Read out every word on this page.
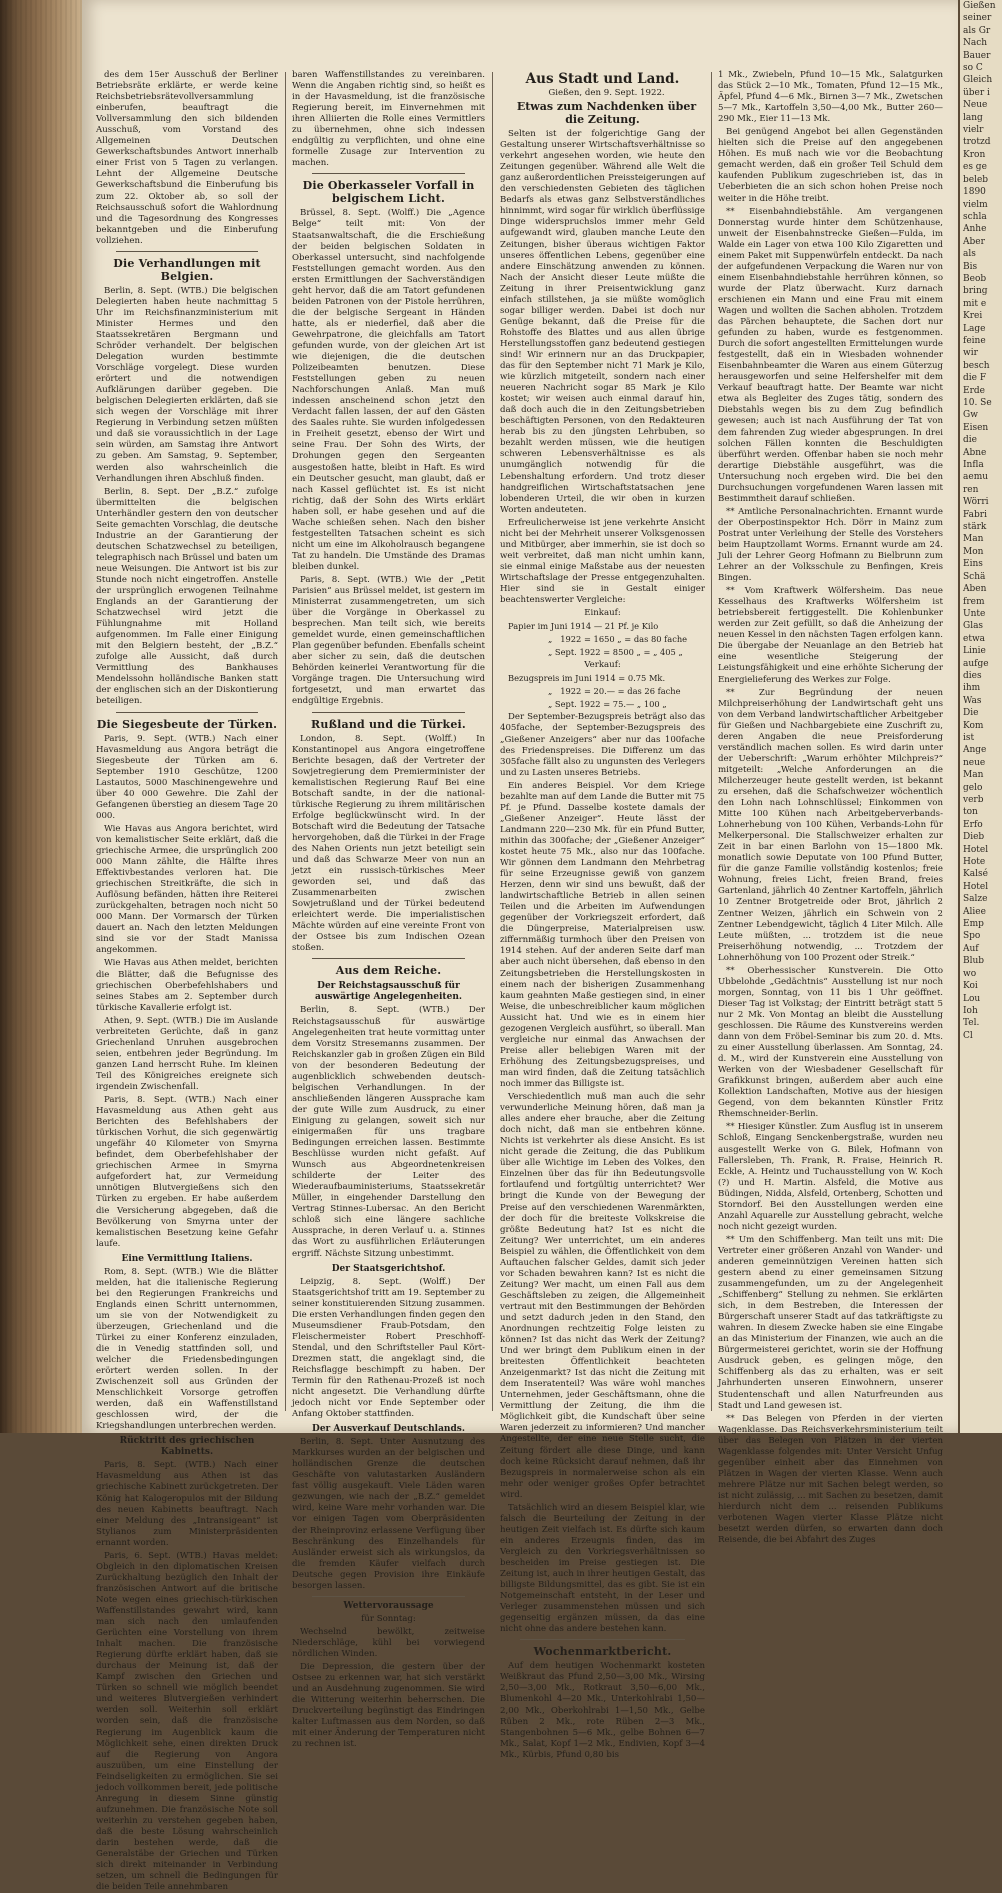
des dem 15er Ausschuß der Berliner Betriebsräte erklärte, er werde keine Reichsbetriebsrätevollversammlung einberufen, beauftragt die Vollversammlung den sich bildenden Ausschuß, vom Vorstand des Allgemeinen Deutschen Gewerkschaftsbundes Antwort innerhalb einer Frist von 5 Tagen zu verlangen. Lehnt der Allgemeine Deutsche Gewerkschaftsbund die Einberufung bis zum 22. Oktober ab, so soll der Reichsausschuß sofort die Wahlordnung und die Tagesordnung des Kongresses bekanntgeben und die Einberufung vollziehen.

Die Verhandlungen mit Belgien.

Berlin, 8. Sept. (WTB.) Die belgischen Delegierten haben heute nachmittag 5 Uhr im Reichsfinanzministerium mit Minister Hermes und den Staatssekretären Bergmann und Schröder verhandelt. Der belgischen Delegation wurden bestimmte Vorschläge vorgelegt. Diese wurden erörtert und die notwendigen Aufklärungen darüber gegeben. Die belgischen Delegierten erklärten, daß sie sich wegen der Vorschläge mit ihrer Regierung in Verbindung setzen müßten und daß sie voraussichtlich in der Lage sein würden, am Samstag ihre Antwort zu geben. Am Samstag, 9. September, werden also wahrscheinlich die Verhandlungen ihren Abschluß finden.

Berlin, 8. Sept. Der „B.Z.“ zufolge übermittelten die belgischen Unterhändler gestern den von deutscher Seite gemachten Vorschlag, die deutsche Industrie an der Garantierung der deutschen Schatzwechsel zu beteiligen, telegraphisch nach Brüssel und baten um neue Weisungen. Die Antwort ist bis zur Stunde noch nicht eingetroffen. Anstelle der ursprünglich erwogenen Teilnahme Englands an der Garantierung der Schatzwechsel wird jetzt die Fühlungnahme mit Holland aufgenommen. Im Falle einer Einigung mit den Belgiern besteht, der „B.Z.“ zufolge alle Aussicht, daß durch Vermittlung des Bankhauses Mendelssohn holländische Banken statt der englischen sich an der Diskontierung beteiligen.

Die Siegesbeute der Türken.

Paris, 9. Sept. (WTB.) Nach einer Havasmeldung aus Angora beträgt die Siegesbeute der Türken am 6. September 1910 Geschütze, 1200 Lastautos, 5000 Maschinengewehre und über 40 000 Gewehre. Die Zahl der Gefangenen überstieg an diesem Tage 20 000.

Wie Havas aus Angora berichtet, wird von kemalistischer Seite erklärt, daß die griechische Armee, die ursprünglich 200 000 Mann zählte, die Hälfte ihres Effektivbestandes verloren hat. Die griechischen Streitkräfte, die sich in Auflösung befänden, hätten ihre Reiterei zurückgehalten, betragen noch nicht 50 000 Mann. Der Vormarsch der Türken dauert an. Nach den letzten Meldungen sind sie vor der Stadt Manissa angekommen.

Wie Havas aus Athen meldet, berichten die Blätter, daß die Befugnisse des griechischen Oberbefehlshabers und seines Stabes am 2. September durch türkische Kavallerie erfolgt ist.

Athen, 9. Sept. (WTB.) Die im Auslande verbreiteten Gerüchte, daß in ganz Griechenland Unruhen ausgebrochen seien, entbehren jeder Begründung. Im ganzen Land herrscht Ruhe. Im kleinen Teil des Königreiches ereignete sich irgendein Zwischenfall.

Paris, 8. Sept. (WTB.) Nach einer Havasmeldung aus Athen geht aus Berichten des Befehlshabers der türkischen Vorhut, die sich gegenwärtig ungefähr 40 Kilometer von Smyrna befindet, dem Oberbefehlshaber der griechischen Armee in Smyrna aufgefordert hat, zur Vermeidung unnötigen Blutvergießens sich den Türken zu ergeben. Er habe außerdem die Versicherung abgegeben, daß die Bevölkerung von Smyrna unter der kemalistischen Besetzung keine Gefahr laufe.

Eine Vermittlung Italiens.

Rom, 8. Sept. (WTB.) Wie die Blätter melden, hat die italienische Regierung bei den Regierungen Frankreichs und Englands einen Schritt unternommen, um sie von der Notwendigkeit zu überzeugen, Griechenland und die Türkei zu einer Konferenz einzuladen, die in Venedig stattfinden soll, und welcher die Friedensbedingungen erörtert werden sollen. In der Zwischenzeit soll aus Gründen der Menschlichkeit Vorsorge getroffen werden, daß ein Waffenstillstand geschlossen wird, der die Kriegshandlungen unterbrechen werden.

Rücktritt des griechischen Kabinetts.

Paris, 8. Sept. (WTB.) Nach einer Havasmeldung aus Athen ist das griechische Kabinett zurückgetreten. Der König hat Kalogeropulos mit der Bildung des neuen Kabinetts beauftragt. Nach einer Meldung des „Intransigeant“ ist Stylianos zum Ministerpräsidenten ernannt worden.

Paris, 6. Sept. (WTB.) Havas meldet: Obgleich in den diplomatischen Kreisen Zurückhaltung bezüglich den Inhalt der französischen Antwort auf die britische Note wegen eines griechisch-türkischen Waffenstillstandes gewahrt wird, kann man sich nach den umlaufenden Gerüchten eine Vorstellung von ihrem Inhalt machen. Die französische Regierung dürfte erklärt haben, daß sie durchaus der Meinung ist, daß der Kampf zwischen den Griechen und Türken so schnell wie möglich beendet und weiteres Blutvergießen verhindert werden soll. Weiterhin soll erklärt worden sein, daß die französische Regierung im Augenblick kaum die Möglichkeit sehe, einen direkten Druck auf die Regierung von Angora auszuüben, um eine Einstellung der Feindseligkeiten zu ermöglichen. Sie sei jedoch vollkommen bereit, jede politische Anregung in diesem Sinne günstig aufzunehmen. Die französische Note soll weiterhin zu verstehen gegeben haben, daß die beste Lösung wahrscheinlich darin bestehen werde, daß die Generalstäbe der Griechen und Türken sich direkt miteinander in Verbindung setzen, um schnell die Bedingungen für die beiden Teile annehmbaren

baren Waffenstillstandes zu vereinbaren. Wenn die Angaben richtig sind, so heißt es in der Havasmeldung, ist die französische Regierung bereit, im Einvernehmen mit ihren Alliierten die Rolle eines Vermittlers zu übernehmen, ohne sich indessen endgültig zu verpflichten, und ohne eine formelle Zusage zur Intervention zu machen.

Die Oberkasseler Vorfall in belgischem Licht.

Brüssel, 8. Sept. (Wolff.) Die „Agence Belge“ teilt mit: Von der Staatsanwaltschaft, die die Erschießung der beiden belgischen Soldaten in Oberkassel untersucht, sind nachfolgende Feststellungen gemacht worden. Aus den ersten Ermittlungen der Sachverständigen geht hervor, daß die am Tatort gefundenen beiden Patronen von der Pistole herrühren, die der belgische Sergeant in Händen hatte, als er niederfiel, daß aber die Gewehrpatrone, die gleichfalls am Tatort gefunden wurde, von der gleichen Art ist wie diejenigen, die die deutschen Polizeibeamten benutzen. Diese Feststellungen geben zu neuen Nachforschungen Anlaß. Man muß indessen anscheinend schon jetzt den Verdacht fallen lassen, der auf den Gästen des Saales ruhte. Sie wurden infolgedessen in Freiheit gesetzt, ebenso der Wirt und seine Frau. Der Sohn des Wirts, der Drohungen gegen den Sergeanten ausgestoßen hatte, bleibt in Haft. Es wird ein Deutscher gesucht, man glaubt, daß er nach Kassel geflüchtet ist. Es ist nicht richtig, daß der Sohn des Wirts erklärt haben soll, er habe gesehen und auf die Wache schießen sehen. Nach den bisher festgestellten Tatsachen scheint es sich nicht um eine im Alkoholrausch begangene Tat zu handeln. Die Umstände des Dramas bleiben dunkel.

Paris, 8. Sept. (WTB.) Wie der „Petit Parisien“ aus Brüssel meldet, ist gestern im Ministerrat zusammengetreten, um sich über die Vorgänge in Oberkassel zu besprechen. Man teilt sich, wie bereits gemeldet wurde, einen gemeinschaftlichen Plan gegenüber befunden. Ebenfalls scheint aber sicher zu sein, daß die deutschen Behörden keinerlei Verantwortung für die Vorgänge tragen. Die Untersuchung wird fortgesetzt, und man erwartet das endgültige Ergebnis.

Rußland und die Türkei.

London, 8. Sept. (Wolff.) In Konstantinopel aus Angora eingetroffene Berichte besagen, daß der Vertreter der Sowjetregierung dem Premierminister der kemalistischen Regierung Rauf Bei eine Botschaft sandte, in der die national-türkische Regierung zu ihrem militärischen Erfolge beglückwünscht wird. In der Botschaft wird die Bedeutung der Tatsache hervorgehoben, daß die Türkei in der Frage des Nahen Orients nun jetzt beteiligt sein und daß das Schwarze Meer von nun an jetzt ein russisch-türkisches Meer geworden sei, und daß das Zusammenarbeiten zwischen Sowjetrußland und der Türkei bedeutend erleichtert werde. Die imperialistischen Mächte würden auf eine vereinte Front von der Ostsee bis zum Indischen Ozean stoßen.

Aus dem Reiche.
Der Reichstagsausschuß für auswärtige Angelegenheiten.

Berlin, 8. Sept. (WTB.) Der Reichstagsausschuß für auswärtige Angelegenheiten trat heute vormittag unter dem Vorsitz Stresemanns zusammen. Der Reichskanzler gab in großen Zügen ein Bild von der besonderen Bedeutung der augenblicklich schwebenden deutsch-belgischen Verhandlungen. In der anschließenden längeren Aussprache kam der gute Wille zum Ausdruck, zu einer Einigung zu gelangen, soweit sich nur einigermaßen für uns tragbare Bedingungen erreichen lassen. Bestimmte Beschlüsse wurden nicht gefaßt. Auf Wunsch aus Abgeordnetenkreisen schilderte der Leiter des Wiederaufbauministeriums, Staatssekretär Müller, in eingehender Darstellung den Vertrag Stinnes-Lubersac. An den Bericht schloß sich eine längere sachliche Aussprache, in deren Verlauf u. a. Stinnes das Wort zu ausführlichen Erläuterungen ergriff. Nächste Sitzung unbestimmt.

Der Staatsgerichtshof.

Leipzig, 8. Sept. (Wolff.) Der Staatsgerichtshof tritt am 19. September zu seiner konstituierenden Sitzung zusammen. Die ersten Verhandlungen finden gegen den Museumsdiener Fraub-Potsdam, den Fleischermeister Robert Preschhoff-Stendal, und den Schriftsteller Paul Kört-Drezmen statt, die angeklagt sind, die Reichsflagge beschimpft zu haben. Der Termin für den Rathenau-Prozeß ist noch nicht angesetzt. Die Verhandlung dürfte jedoch nicht vor Ende September oder Anfang Oktober stattfinden.

Der Ausverkauf Deutschlands.

Berlin, 8. Sept. Unter Ausnutzung des Markkurses wurden an der belgischen und holländischen Grenze die deutschen Geschäfte von valutastarken Ausländern fast völlig ausgekauft. Viele Läden waren gezwungen, wie nach der „B.Z.“ gemeldet wird, keine Ware mehr vorhanden war. Die vor einigen Tagen vom Oberpräsidenten der Rheinprovinz erlassene Verfügung über Beschränkung des Einzelhandels für Ausländer erweist sich als wirkungslos, da die fremden Käufer vielfach durch Deutsche gegen Provision ihre Einkäufe besorgen lassen.

Wettervoraussage

für Sonntag:

Wechselnd bewölkt, zeitweise Niederschläge, kühl bei vorwiegend nördlichen Winden.

Die Depression, die gestern über der Ostsee zu erkennen war, hat sich verstärkt und an Ausdehnung zugenommen. Sie wird die Witterung weiterhin beherrschen. Die Druckverteilung begünstigt das Eindringen kalter Luftmassen aus dem Norden, so daß mit einer Änderung der Temperaturen nicht zu rechnen ist.

Aus Stadt und Land.

Gießen, den 9. Sept. 1922.

Etwas zum Nachdenken über die Zeitung.

Selten ist der folgerichtige Gang der Gestaltung unserer Wirtschaftsverhältnisse so verkehrt angesehen worden, wie heute den Zeitungen gegenüber. Während alle Welt die ganz außerordentlichen Preissteigerungen auf den verschiedensten Gebieten des täglichen Bedarfs als etwas ganz Selbstverständliches hinnimmt, wird sogar für wirklich überflüssige Dinge widerspruchslos immer mehr Geld aufgewandt wird, glauben manche Leute den Zeitungen, bisher überaus wichtigen Faktor unseres öffentlichen Lebens, gegenüber eine andere Einschätzung anwenden zu können. Nach der Ansicht dieser Leute müßte die Zeitung in ihrer Preisentwicklung ganz einfach stillstehen, ja sie müßte womöglich sogar billiger werden. Dabei ist doch nur Genüge bekannt, daß die Preise für die Rohstoffe des Blattes und aus allen übrige Herstellungsstoffen ganz bedeutend gestiegen sind! Wir erinnern nur an das Druckpapier, das für den September nicht 71 Mark je Kilo, wie kürzlich mitgeteilt, sondern nach einer neueren Nachricht sogar 85 Mark je Kilo kostet; wir weisen auch einmal darauf hin, daß doch auch die in den Zeitungsbetrieben beschäftigten Personen, von den Redakteuren herab bis zu den jüngsten Lehrbuben, so bezahlt werden müssen, wie die heutigen schweren Lebensverhältnisse es als unumgänglich notwendig für die Lebenshaltung erfordern. Und trotz dieser handgreiflichen Wirtschaftstatsachen jene lobenderen Urteil, die wir oben in kurzen Worten andeuteten.

Erfreulicherweise ist jene verkehrte Ansicht nicht bei der Mehrheit unserer Volksgenossen und Mitbürger, aber immerhin, sie ist doch so weit verbreitet, daß man nicht umhin kann, sie einmal einige Maßstabe aus der neuesten Wirtschaftslage der Presse entgegenzuhalten. Hier sind sie in Gestalt einiger beachtenswerter Vergleiche:

Einkauf:

Papier im Juni 1914 — 21 Pf. je Kilo

„   1922 = 1650 „ = das 80 fache

„ Sept. 1922 = 8500 „ = „ 405 „

Verkauf:

Bezugspreis im Juni 1914 = 0.75 Mk.

„   1922 = 20.— = das 26 fache

„ Sept. 1922 = 75.— „ 100 „

Der September-Bezugspreis beträgt also das 405fache, der September-Bezugspreis des „Gießener Anzeigers“ aber nur das 100fache des Friedenspreises. Die Differenz um das 305fache fällt also zu ungunsten des Verlegers und zu Lasten unseres Betriebs.

Ein anderes Beispiel. Vor dem Kriege bezahlte man auf dem Lande die Butter mit 75 Pf. je Pfund. Dasselbe kostete damals der „Gießener Anzeiger“. Heute lässt der Landmann 220—230 Mk. für ein Pfund Butter, mithin das 300fache; der „Gießener Anzeiger“ kostet heute 75 Mk., also nur das 100fache. Wir gönnen dem Landmann den Mehrbetrag für seine Erzeugnisse gewiß von ganzem Herzen, denn wir sind uns bewußt, daß der landwirtschaftliche Betrieb in allen seinen Teilen und die Arbeiten im Aufwendungen gegenüber der Vorkriegszeit erfordert, daß die Düngerpreise, Materialpreisen usw. ziffernmäßig turmhoch über den Preisen von 1914 stehen. Auf der anderen Seite darf man aber auch nicht übersehen, daß ebenso in den Zeitungsbetrieben die Herstellungskosten in einem nach der bisherigen Zusammenhang kaum geahnten Maße gestiegen sind, in einer Weise, die unbeschreiblicher kaum möglichen Aussicht hat. Und wie es in einem hier gezogenen Vergleich ausführt, so überall. Man vergleiche nur einmal das Anwachsen der Preise aller beliebigen Waren mit der Erhöhung des Zeitungsbezugspreises, und man wird finden, daß die Zeitung tatsächlich noch immer das Billigste ist.

Verschiedentlich muß man auch die sehr verwunderliche Meinung hören, daß man ja alles andere eher brauche, aber die Zeitung doch nicht, daß man sie entbehren könne. Nichts ist verkehrter als diese Ansicht. Es ist nicht gerade die Zeitung, die das Publikum über alle Wichtige im Leben des Volkes, den Einzelnen über das für ihn Bedeutungsvolle fortlaufend und fortgültig unterrichtet? Wer bringt die Kunde von der Bewegung der Preise auf den verschiedenen Warenmärkten, der doch für die breiteste Volkskreise die größte Bedeutung hat? Ist es nicht die Zeitung? Wer unterrichtet, um ein anderes Beispiel zu wählen, die Öffentlichkeit von dem Auftauchen falscher Geldes, damit sich jeder vor Schaden bewahren kann? Ist es nicht die Zeitung? Wer macht, um einen Fall aus dem Geschäftsleben zu zeigen, die Allgemeinheit vertraut mit den Bestimmungen der Behörden und setzt dadurch jeden in den Stand, den Anordnungen rechtzeitig Folge leisten zu können? Ist das nicht das Werk der Zeitung? Und wer bringt dem Publikum einen in der breitesten Öffentlichkeit beachteten Anzeigenmarkt? Ist das nicht die Zeitung mit dem Inseratenteil? Was wäre wohl manches Unternehmen, jeder Geschäftsmann, ohne die Vermittlung der Zeitung, die ihm die Möglichkeit gibt, die Kundschaft über seine Waren jederzeit zu informieren? Und mancher Angestellte, der eine neue Stelle sucht, die Zeitung fördert alle diese Dinge, und kann doch keine Rücksicht darauf nehmen, daß ihr Bezugspreis in normalerweise schon als ein mehr oder weniger großes Opfer betrachtet wird.

Tatsächlich wird an diesem Beispiel klar, wie falsch die Beurteilung der Zeitung in der heutigen Zeit vielfach ist. Es dürfte sich kaum ein anderes Erzeugnis finden, das im Vergleich zu den Vorkriegsverhältnissen so bescheiden im Preise gestiegen ist. Die Zeitung ist, auch in ihrer heutigen Gestalt, das billigste Bildungsmittel, das es gibt. Sie ist ein Notgemeinschaft entsteht, in der Leser und Verleger zusammenstehen müssen und sich gegenseitig ergänzen müssen, da das eine nicht ohne das andere bestehen kann.

Wochenmarktbericht.

Auf dem heutigen Wochenmarkt kosteten Weißkraut das Pfund 2,50—3,00 Mk., Wirsing 2,50—3,00 Mk., Rotkraut 3,50—6,00 Mk., Blumenkohl 4—20 Mk., Unterkohlrabi 1,50—2,00 Mk., Oberkohlrabi 1—1,50 Mk., Gelbe Rüben 2 Mk., rote Rüben 2—3 Mk., Stangenbohnen 5—6 Mk., gelbe Bohnen 6—7 Mk., Salat, Kopf 1—2 Mk., Endivien, Kopf 3—4 Mk., Kürbis, Pfund 0,80 bis

1 Mk., Zwiebeln, Pfund 10—15 Mk., Salatgurken das Stück 2—10 Mk., Tomaten, Pfund 12—15 Mk., Äpfel, Pfund 4—6 Mk., Birnen 3—7 Mk., Zwetschen 5—7 Mk., Kartoffeln 3,50—4,00 Mk., Butter 260—290 Mk., Eier 11—13 Mk.

Bei genügend Angebot bei allen Gegenständen hielten sich die Preise auf den angegebenen Höhen. Es muß nach wie vor die Beobachtung gemacht werden, daß ein großer Teil Schuld dem kaufenden Publikum zugeschrieben ist, das in Ueberbieten die an sich schon hohen Preise noch weiter in die Höhe treibt.

** Eisenbahndiebstähle. Am vergangenen Donnerstag wurde hinter dem Schützenhause, unweit der Eisenbahnstrecke Gießen—Fulda, im Walde ein Lager von etwa 100 Kilo Zigaretten und einem Paket mit Suppenwürfeln entdeckt. Da nach der aufgefundenen Verpackung die Waren nur von einem Eisenbahndiebstahle herrühren können, so wurde der Platz überwacht. Kurz darnach erschienen ein Mann und eine Frau mit einem Wagen und wollten die Sachen abholen. Trotzdem das Pärchen behauptete, die Sachen dort nur gefunden zu haben, wurde es festgenommen. Durch die sofort angestellten Ermittelungen wurde festgestellt, daß ein in Wiesbaden wohnender Eisenbahnbeamter die Waren aus einem Güterzug herausgeworfen und seine Helfershelfer mit dem Verkauf beauftragt hatte. Der Beamte war nicht etwa als Begleiter des Zuges tätig, sondern des Diebstahls wegen bis zu dem Zug befindlich gewesen; auch ist nach Ausführung der Tat von dem fahrenden Zug wieder abgesprungen. In drei solchen Fällen konnten die Beschuldigten überführt werden. Offenbar haben sie noch mehr derartige Diebstähle ausgeführt, was die Untersuchung noch ergeben wird. Die bei den Durchsuchungen vorgefundenen Waren lassen mit Bestimmtheit darauf schließen.

** Amtliche Personalnachrichten. Ernannt wurde der Oberpostinspektor Hch. Dörr in Mainz zum Postrat unter Verleihung der Stelle des Vorstehers beim Hauptzollamt Worms. Ernannt wurde am 24. Juli der Lehrer Georg Hofmann zu Bielbrunn zum Lehrer an der Volksschule zu Benfingen, Kreis Bingen.

** Vom Kraftwerk Wölfersheim. Das neue Kesselhaus des Kraftwerks Wölfersheim ist betriebsbereit fertiggestellt. Die Kohlenbunker werden zur Zeit gefüllt, so daß die Anheizung der neuen Kessel in den nächsten Tagen erfolgen kann. Die übergabe der Neuanlage an den Betrieb hat eine wesentliche Steigerung der Leistungsfähigkeit und eine erhöhte Sicherung der Energielieferung des Werkes zur Folge.

** Zur Begründung der neuen Milchpreiserhöhung der Landwirtschaft geht uns von dem Verband landwirtschaftlicher Arbeitgeber für Gießen und Nachbargebiete eine Zuschrift zu, deren Angaben die neue Preisforderung verständlich machen sollen. Es wird darin unter der Ueberschrift: „Warum erhöhter Milchpreis?“ mitgeteilt: „Welche Anforderungen an die Milcherzeuger heute gestellt werden, ist bekannt zu ersehen, daß die Schafschweizer wöchentlich den Lohn nach Lohnschlüssel; Einkommen von Mitte 100 Kühen nach Arbeitgeberverbands-Lohnerhebung von 100 Kühen, Verbands-Lohn für Melkerpersonal. Die Stallschweizer erhalten zur Zeit in bar einen Barlohn von 15—1800 Mk. monatlich sowie Deputate von 100 Pfund Butter, für die ganze Familie vollständig kostenlos; freie Wohnung, freies Licht, freien Brand, freies Gartenland, jährlich 40 Zentner Kartoffeln, jährlich 10 Zentner Brotgetreide oder Brot, jährlich 2 Zentner Weizen, jährlich ein Schwein von 2 Zentner Lebendgewicht, täglich 4 Liter Milch. Alle Leute müßten, ... trotzdem ist die neue Preiserhöhung notwendig, ... Trotzdem der Lohnerhöhung von 100 Prozent oder Streik.“

** Oberhessischer Kunstverein. Die Otto Ubbelohde „Gedächtnis“ Ausstellung ist nur noch morgen, Sonntag, von 11 bis 1 Uhr geöffnet. Dieser Tag ist Volkstag; der Eintritt beträgt statt 5 nur 2 Mk. Von Montag an bleibt die Ausstellung geschlossen. Die Räume des Kunstvereins werden dann von dem Fröbel-Seminar bis zum 20. d. Mts. zu einer Ausstellung überlassen. Am Sonntag, 24. d. M., wird der Kunstverein eine Ausstellung von Werken von der Wiesbadener Gesellschaft für Grafikkunst bringen, außerdem aber auch eine Kollektion Landschaften, Motive aus der hiesigen Gegend, von dem bekannten Künstler Fritz Rhemschneider-Berlin.

** Hiesiger Künstler. Zum Ausflug ist in unserem Schloß, Eingang Senckenbergstraße, wurden neu ausgestellt Werke von G. Bilek, Hofmann von Fallersleben, Th. Frank, R. Fraise, Heinrich R. Eckle, A. Heintz und Tuchausstellung von W. Koch (?) und H. Martin. Alsfeld, die Motive aus Büdingen, Nidda, Alsfeld, Ortenberg, Schotten und Storndorf. Bei den Ausstellungen werden eine Anzahl Aquarelle zur Ausstellung gebracht, welche noch nicht gezeigt wurden.

** Um den Schiffenberg. Man teilt uns mit: Die Vertreter einer größeren Anzahl von Wander- und anderen gemeinnützigen Vereinen hatten sich gestern abend zu einer gemeinsamen Sitzung zusammengefunden, um zu der Angelegenheit „Schiffenberg“ Stellung zu nehmen. Sie erklärten sich, in dem Bestreben, die Interessen der Bürgerschaft unserer Stadt auf das tatkräftigste zu wahren. In diesem Zwecke haben sie eine Eingabe an das Ministerium der Finanzen, wie auch an die Bürgermeisterei gerichtet, worin sie der Hoffnung Ausdruck geben, es gelingen möge, den Schiffenberg als das zu erhalten, was er seit Jahrhunderten unseren Einwohnern, unserer Studentenschaft und allen Naturfreunden aus Stadt und Land gewesen ist.

** Das Belegen von Pferden in der vierten Wagenklasse. Das Reichsverkehrsministerium teilt über das Belegen von Plätzen in der vierten Wagenklasse folgendes mit: Unter Versicht Unfug gegenüber einheit aber das Einnehmen von Plätzen in Wagen der vierten Klasse. Wenn auch mehrere Plätze nur mit Sachen belegt werden, so ist nicht zulässig, ... mit Sachen zu besetzen, damit hierdurch nicht dem ... reisenden Publikums verbotenen Wagen vierter Klasse Plätze nicht besetzt werden dürfen, so erwarten dann doch Reisende, die bei Abfahrt des Zuges

Gießen
seiner
als Gr
Nach
Bauer
so C
Gleich
über i
Neue
lang
vielr
trotzd
Kron
es ge
beleb
1890
vielm
schla
Anhe
Aber
als
Bis
Beob
bring
mit e
Krei
Lage
feine
wir
besch
die F
Erde
10. Se
Gw
Eisen
die
Abne
Infla
aemu
ren
Wörri
Fabri
stärk
Man
Mon
Eins
Schä
Aben
frem
Unte
Glas
etwa
Linie
aufge
dies
ihm
Was
Die
Kom
ist
Ange
neue
Man
gelo
verb
ton
Erfo
Dieb
Hotel
Hote
Kalsé
Hotel
Salze
Aliee
Emp
Spo
Auf
Blub
wo
Koi
Lou
Ioh
Tel.
Cl
